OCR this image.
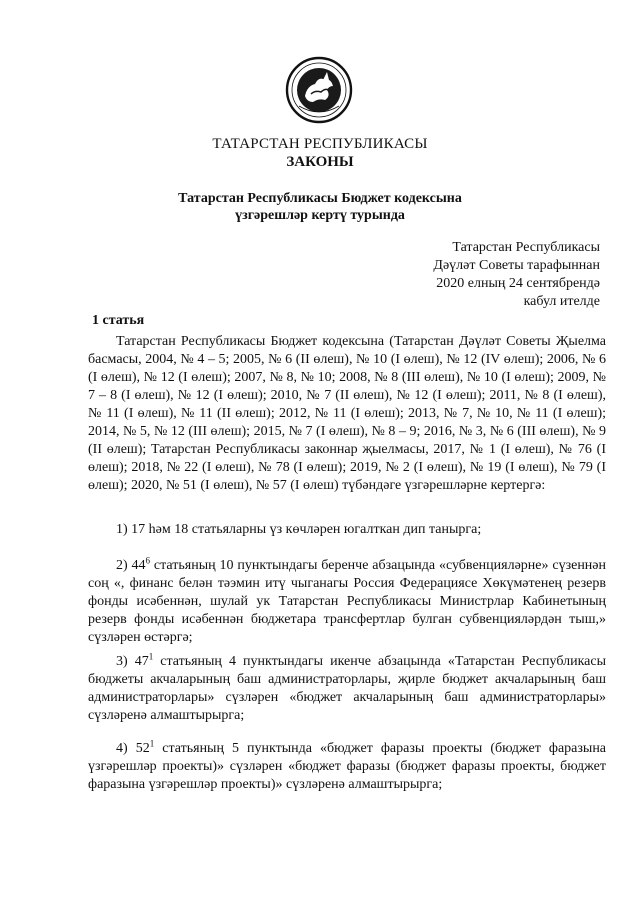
ТАТАРСТАН РЕСПУБЛИКАСЫ
ЗАКОНЫ
Татарстан Республикасы Бюджет кодексына
үзгәрешләр кертү турында
Татарстан Республикасы
Дәүләт Советы тарафыннан
2020 елның 24 сентябрендә
кабул ителде
1 статья
Татарстан Республикасы Бюджет кодексына (Татарстан Дәүләт Советы Җыелма басмасы, 2004, № 4 – 5; 2005, № 6 (II өлеш), № 10 (I өлеш), № 12 (IV өлеш); 2006, № 6 (I өлеш), № 12 (I өлеш); 2007, № 8, № 10; 2008, № 8 (III өлеш), № 10 (I өлеш); 2009, № 7 – 8 (I өлеш), № 12 (I өлеш); 2010, № 7 (II өлеш), № 12 (I өлеш); 2011, № 8 (I өлеш), № 11 (I өлеш), № 11 (II өлеш); 2012, № 11 (I өлеш); 2013, № 7, № 10, № 11 (I өлеш); 2014, № 5, № 12 (III өлеш); 2015, № 7 (I өлеш), № 8 – 9; 2016, № 3, № 6 (III өлеш), № 9 (II өлеш); Татарстан Республикасы законнар җыелмасы, 2017, № 1 (I өлеш), № 76 (I өлеш); 2018, № 22 (I өлеш), № 78 (I өлеш); 2019, № 2 (I өлеш), № 19 (I өлеш), № 79 (I өлеш); 2020, № 51 (I өлеш), № 57 (I өлеш) түбәндәге үзгәрешләрне кертергә:
1) 17 һәм 18 статьяларны үз көчләрен югалткан дип танырга;
2) $44^6$ статьяның 10 пунктындагы беренче абзацында «субвенцияләрне» сүзеннән соң «, финанс белән тәэмин итү чыганагы Россия Федерациясе Хөкүмәтенең резерв фонды исәбеннән, шулай ук Татарстан Республикасы Министрлар Кабинетының резерв фонды исәбеннән бюджетара трансфертлар булган субвенцияләрдән тыш,» сүзләрен өстәргә;
3) $47^1$ статьяның 4 пунктындагы икенче абзацында «Татарстан Республикасы бюджеты акчаларының баш администраторлары, җирле бюджет акчаларының баш администраторлары» сүзләрен «бюджет акчаларының баш администраторлары» сүзләренә алмаштырырга;
4) $52^1$ статьяның 5 пунктында «бюджет фаразы проекты (бюджет фаразына үзгәрешләр проекты)» сүзләрен «бюджет фаразы (бюджет фаразы проекты, бюджет фаразына үзгәрешләр проекты)» сүзләренә алмаштырырга;
